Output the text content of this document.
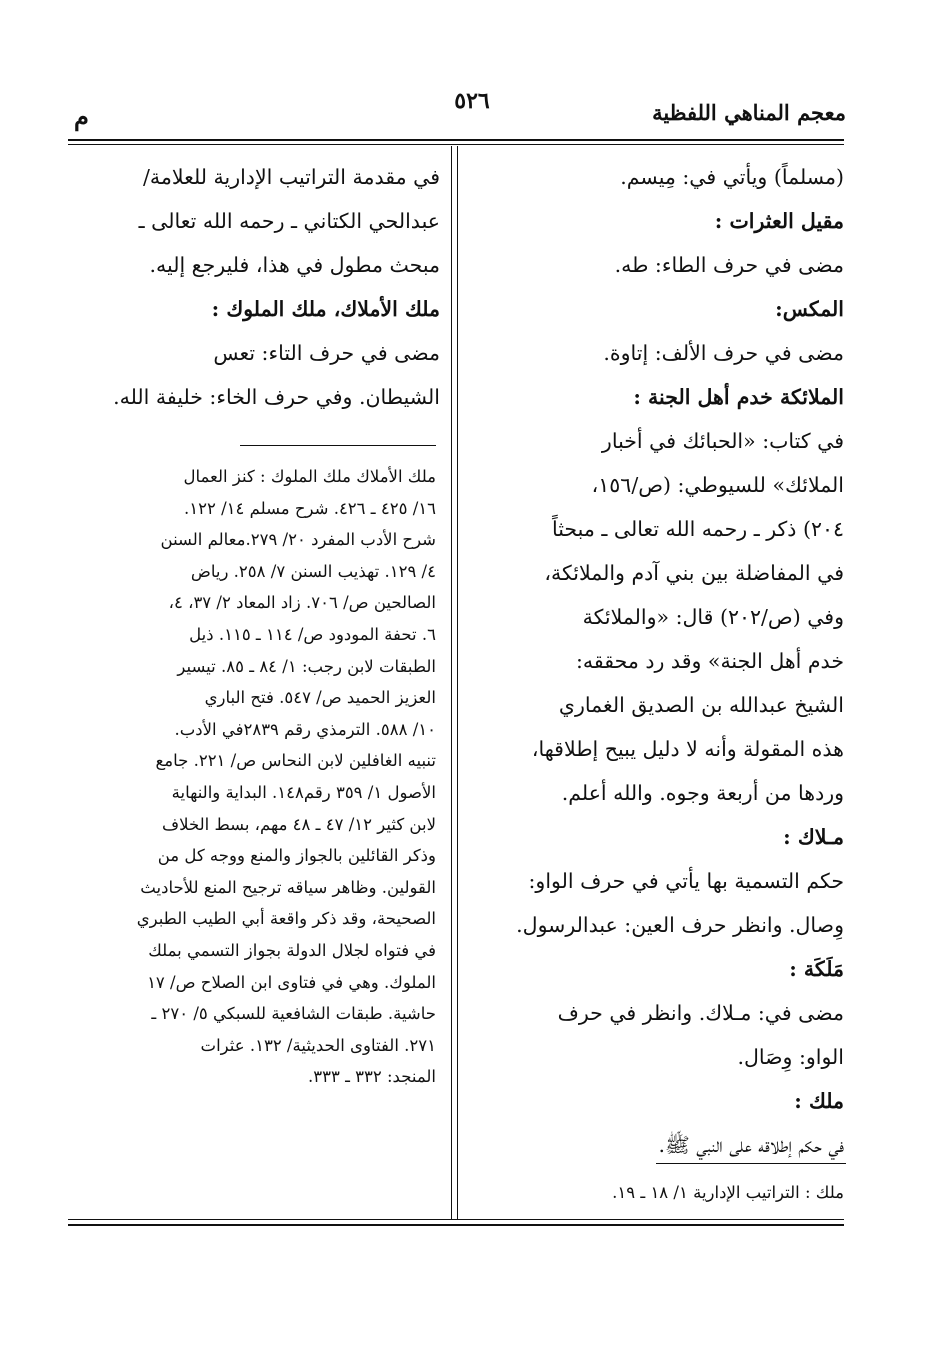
معجم المناهي اللفظية
٥٢٦
م
(مسلماً) ويأتي في: مِيسم.
مقيل العثرات :
مضى في حرف الطاء: طه.
المكس:
مضى في حرف الألف: إتاوة.
الملائكة خدم أهل الجنة :
في كتاب: «الحبائك في أخبار
الملائك» للسيوطي: (ص/١٥٦،
٢٠٤) ذكر ـ رحمه الله تعالى ـ مبحثاً
في المفاضلة بين بني آدم والملائكة،
وفي (ص/٢٠٢) قال: «والملائكة
خدم أهل الجنة» وقد رد محققه:
الشيخ عبدالله بن الصديق الغماري
هذه المقولة وأنه لا دليل يبيح إطلاقها،
وردها من أربعة وجوه. والله أعلم.
مـلاك :
حكم التسمية بها يأتي في حرف الواو:
وِصال. وانظر حرف العين: عبدالرسول.
مَلَكَة :
مضى في: مـلاك. وانظر في حرف
الواو: وِصَال.
ملك :
في حكم إطلاقه على النبي ﷺ.
في مقدمة التراتيب الإدارية للعلامة/
عبدالحي الكتاني ـ رحمه الله تعالى ـ
مبحث مطول في هذا، فليرجع إليه.
ملك الأملاك، ملك الملوك :
مضى في حرف التاء: تعس
الشيطان. وفي حرف الخاء: خليفة الله.
ملك الأملاك ملك الملوك : كنز العمال
١٦/ ٤٢٥ ـ ٤٢٦. شرح مسلم ١٤/ ١٢٢.
شرح الأدب المفرد ٢٠/ ٢٧٩.معالم السنن
٤/ ١٢٩. تهذيب السنن ٧/ ٢٥٨. رياض
الصالحين ص/ ٧٠٦. زاد المعاد ٢/ ٣٧، ٤،
٦. تحفة المودود ص/ ١١٤ ـ ١١٥. ذيل
الطبقات لابن رجب: ١/ ٨٤ ـ ٨٥. تيسير
العزيز الحميد ص/ ٥٤٧. فتح الباري
١٠/ ٥٨٨. الترمذي رقم ٢٨٣٩في الأدب.
تنبيه الغافلين لابن النحاس ص/ ٢٢١. جامع
الأصول ١/ ٣٥٩ رقم١٤٨. البداية والنهاية
لابن كثير ١٢/ ٤٧ ـ ٤٨ مهم، بسط الخلاف
وذكر القائلين بالجواز والمنع ووجه كل من
القولين. وظاهر سياقه ترجيح المنع للأحاديث
الصحيحة، وقد ذكر واقعة أبي الطيب الطبري
في فتواه لجلال الدولة بجواز التسمي بملك
الملوك. وهي في فتاوى ابن الصلاح ص/ ١٧
حاشية. طبقات الشافعية للسبكي ٥/ ٢٧٠ ـ
٢٧١. الفتاوى الحديثية/ ١٣٢. عثرات
المنجد: ٣٣٢ ـ ٣٣٣.
ملك : التراتيب الإدارية ١/ ١٨ ـ ١٩.
